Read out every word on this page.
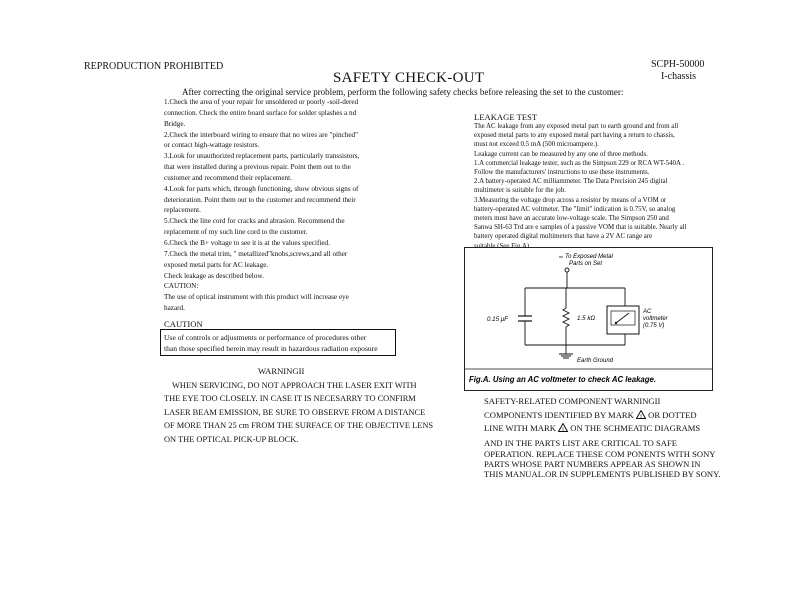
REPRODUCTION PROHIBITED	SCPH-50000
I-chassis
SAFETY CHECK-OUT
After correcting the original service problem, perform the following safety checks before releasing the set to the customer:
1.Check the area of your repair for unsoldered or poorly -soil-dered
connection. Check the entire board surface for solder splashes a nd
Bridge.
2.Check the interboard wiring to ensure that no wires are "pinched"
or contact high-wattage resistors.
3.Look for unauthorized replacement parts, particularly transsistors,
that were installed during a previous repair. Point them out to the
customer and recommend their replacement.
4.Look for parts which, through functioning, show obvious signs of
deterioration. Point them out to the customer and recommend their
replacement.
5.Check the line cord for cracks and abrasion. Recommend the
replacement of my such line cord to the customer.
6.Check the B+ voltage to see it is at the values specified.
7.Check the metal trim, " metallized"knobs,screws,and all other
exposed metal parts for AC leakage.
Check leakage as described below.
CAUTION:
The use of optical instrument with this product will increase eye
hazard.
CAUTION
Use of controls or adjustments or performance of procedures other
than those specified herein may result in hazardous radiation exposure
WARNINGII
WHEN SERVICING, DO NOT APPROACH THE LASER EXIT WITH
THE EYE TOO CLOSELY. IN CASE IT IS NECESARRY TO CONFIRM
LASER BEAM EMISSION, BE SURE TO OBSERVE FROM A DISTANCE
OF MORE THAN 25 cm FROM THE SURFACE OF THE OBJECTIVE LENS
ON THE OPTICAL PICK-UP BLOCK.
LEAKAGE TEST
The AC leakage from any exposed metal part to earth ground and from all
exposed metal parts to any exposed metal part having a return to chassis,
must not exceed 0.5 mA (500 microampere.).
Leakage current can be measured by any one of three methods.
1.A commercial leakage tester, such as the Simpson 229 or RCA WT-540A .
Follow the manufacturers' instructions to use these instruments.
2.A battery-operated AC milliammeter. The Data Precision 245 digital
multimeter is suitable for the job.
3.Measuring the voltage drop across a resistor by means of a VOM or
battery-operated AC voltmeter. The "limit" indication is 0.75V, so analog
meters must have an accurate low-voltage scale. The Simpson 250 and
Sanwa SH-63 Trd are e samples of a passive VOM that is suitable. Nearly all
battery operated digital multimeters that have a 2V AC range are
To Exposed Metal
Parts on Set
0.15 μF	1.5 kΩ
AC
voltmeter
(0.75 V)
Earth Ground
Fig.A. Using an AC voltmeter to check AC leakage.
SAFETY-RELATED COMPONENT WARNINGII
COMPONENTS IDENTIFIED BY MARK ! OR DOTTED
LINE WITH MARK ! ON THE SCHMEATIC DIAGRAMS
AND IN THE PARTS LIST ARE CRITICAL TO SAFE
OPERATION. REPLACE THESE COM PONENTS WITH SONY
PARTS WHOSE PART NUMBERS APPEAR AS SHOWN IN
THIS MANUAL.OR IN SUPPLEMENTS PUBLISHED BY SONY.
